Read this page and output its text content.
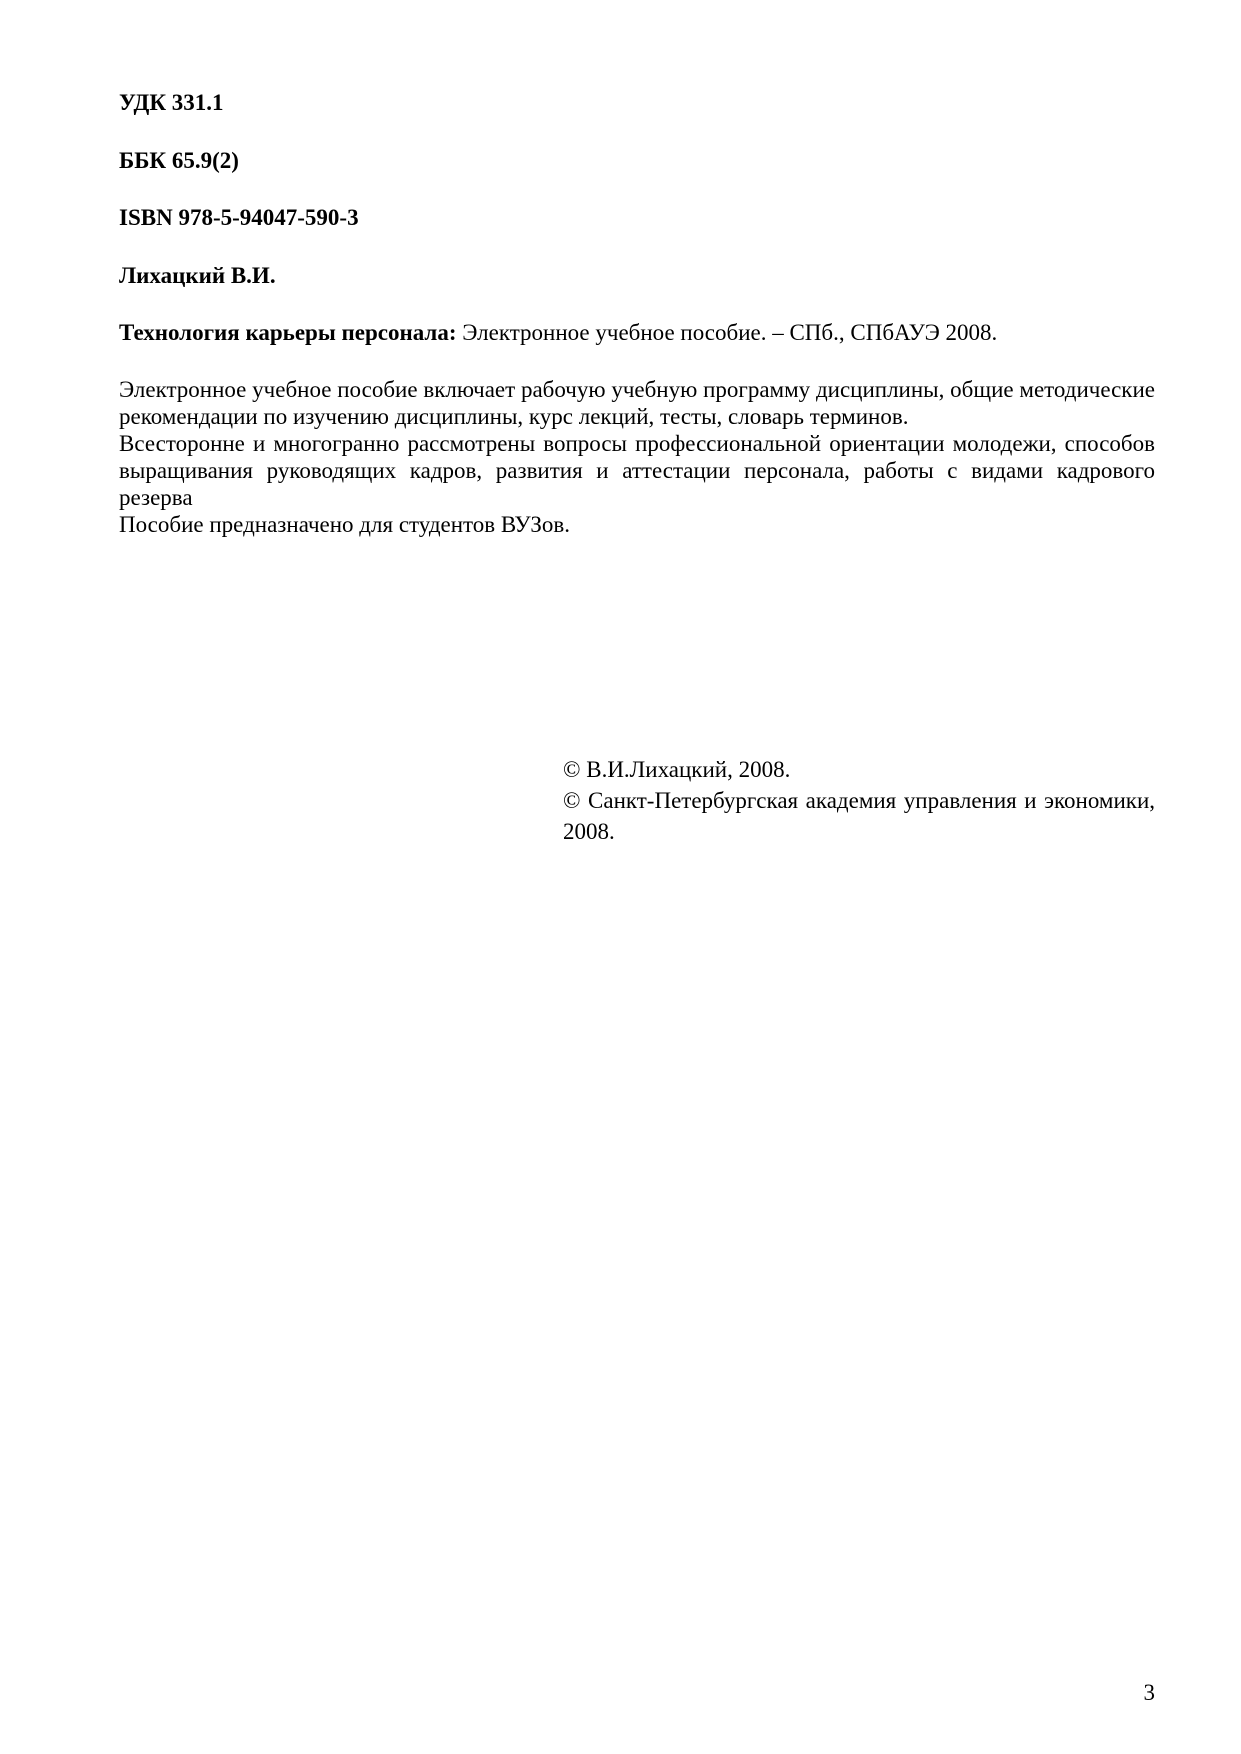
УДК 331.1
ББК 65.9(2)
ISBN 978-5-94047-590-3
Лихацкий В.И.
Технология карьеры персонала: Электронное учебное пособие. – СПб., СПбАУЭ 2008.

Электронное учебное пособие включает рабочую учебную программу дисциплины, общие методические рекомендации по изучению дисциплины, курс лекций, тесты, словарь терминов.

Всесторонне и многогранно рассмотрены вопросы профессиональной ориентации молодежи, способов выращивания руководящих кадров, развития и аттестации персонала, работы с видами кадрового резерва

Пособие предназначено для студентов ВУЗов.

© В.И.Лихацкий, 2008.

© Санкт-Петербургская академия управления и экономики, 2008.

3
